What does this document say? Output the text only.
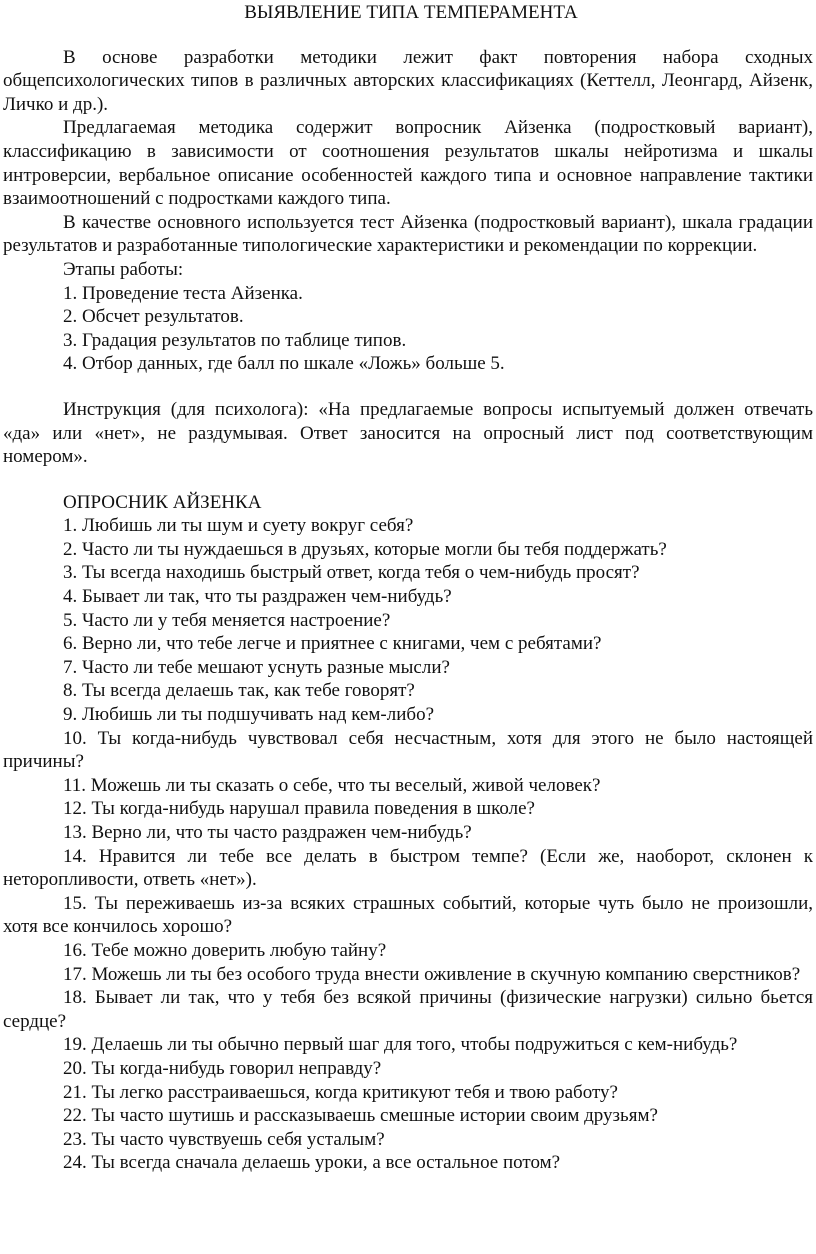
ВЫЯВЛЕНИЕ ТИПА ТЕМПЕРАМЕНТА

В основе разработки методики лежит факт повторения набора сходных общепсихологических типов в различных авторских классификациях (Кеттелл, Леонгард, Айзенк, Личко и др.).

Предлагаемая методика содержит вопросник Айзенка (подростковый вариант), классификацию в зависимости от соотношения результатов шкалы нейротизма и шкалы интроверсии, вербальное описание особенностей каждого типа и основное направление тактики взаимоотношений с подростками каждого типа.

В качестве основного используется тест Айзенка (подростковый вариант), шкала градации результатов и разработанные типологические характеристики и рекомендации по коррекции.

Этапы работы:

1. Проведение теста Айзенка.

2. Обсчет результатов.

3. Градация результатов по таблице типов.

4. Отбор данных, где балл по шкале «Ложь» больше 5.

Инструкция (для психолога): «На предлагаемые вопросы испытуемый должен отвечать «да» или «нет», не раздумывая. Ответ заносится на опросный лист под соответствующим номером».

ОПРОСНИК АЙЗЕНКА

1. Любишь ли ты шум и суету вокруг себя?

2. Часто ли ты нуждаешься в друзьях, которые могли бы тебя поддержать?

3. Ты всегда находишь быстрый ответ, когда тебя о чем-нибудь просят?

4. Бывает ли так, что ты раздражен чем-нибудь?

5. Часто ли у тебя меняется настроение?

6. Верно ли, что тебе легче и приятнее с книгами, чем с ребятами?

7. Часто ли тебе мешают уснуть разные мысли?

8. Ты всегда делаешь так, как тебе говорят?

9. Любишь ли ты подшучивать над кем-либо?

10. Ты когда-нибудь чувствовал себя несчастным, хотя для этого не было настоящей причины?

11. Можешь ли ты сказать о себе, что ты веселый, живой человек?

12. Ты когда-нибудь нарушал правила поведения в школе?

13. Верно ли, что ты часто раздражен чем-нибудь?

14. Нравится ли тебе все делать в быстром темпе? (Если же, наоборот, склонен к неторопливости, ответь «нет»).

15. Ты переживаешь из-за всяких страшных событий, которые чуть было не произошли, хотя все кончилось хорошо?

16. Тебе можно доверить любую тайну?

17. Можешь ли ты без особого труда внести оживление в скучную компанию сверстников?

18. Бывает ли так, что у тебя без всякой причины (физические нагрузки) сильно бьется сердце?

19. Делаешь ли ты обычно первый шаг для того, чтобы подружиться с кем-нибудь?

20. Ты когда-нибудь говорил неправду?

21. Ты легко расстраиваешься, когда критикуют тебя и твою работу?

22. Ты часто шутишь и рассказываешь смешные истории своим друзьям?

23. Ты часто чувствуешь себя усталым?

24. Ты всегда сначала делаешь уроки, а все остальное потом?
